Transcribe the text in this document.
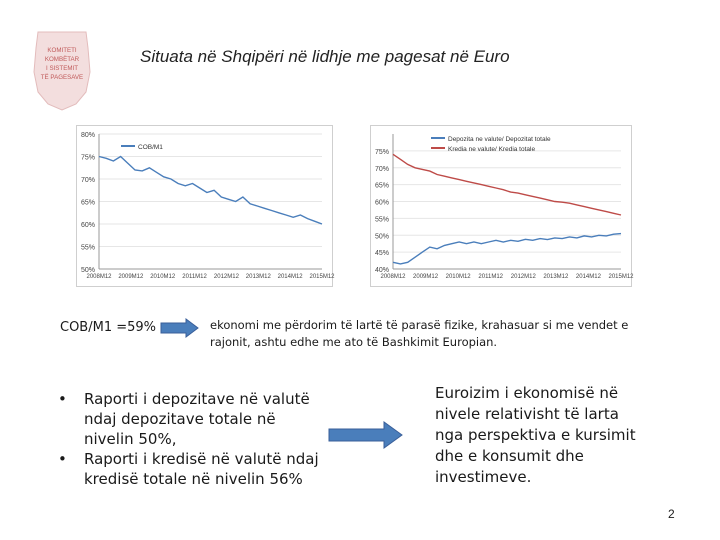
KOMITETI
KOMBËTAR
I SISTEMIT
TË PAGESAVE
Situata në Shqipëri në lidhje me pagesat në Euro
50%
55%
60%
65%
70%
75%
80%
2008M12 2009M12 2010M12 2011M12 2012M12 2013M12 2014M12 2015M12
COB/M1
40%
45%
50%
55%
60%
65%
70%
75%
2008M12 2009M12 2010M12 2011M12 2012M12 2013M12 2014M12 2015M12
Depozita ne valute/ Depozitat totale
Kredia ne valute/ Kredia totale
COB/M1 =59%	ekonomi me përdorim të lartë të parasë fizike, krahasuar si me vendet e rajonit, ashtu edhe me ato të Bashkimit Europian.
• Raporti i depozitave në valutë ndaj depozitave totale në nivelin 50%,
• Raporti i kredisë në valutë ndaj kredisë totale në nivelin 56%
Euroizim i ekonomisë në nivele relativisht të larta nga perspektiva e kursimit dhe e konsumit dhe investimeve.
2
